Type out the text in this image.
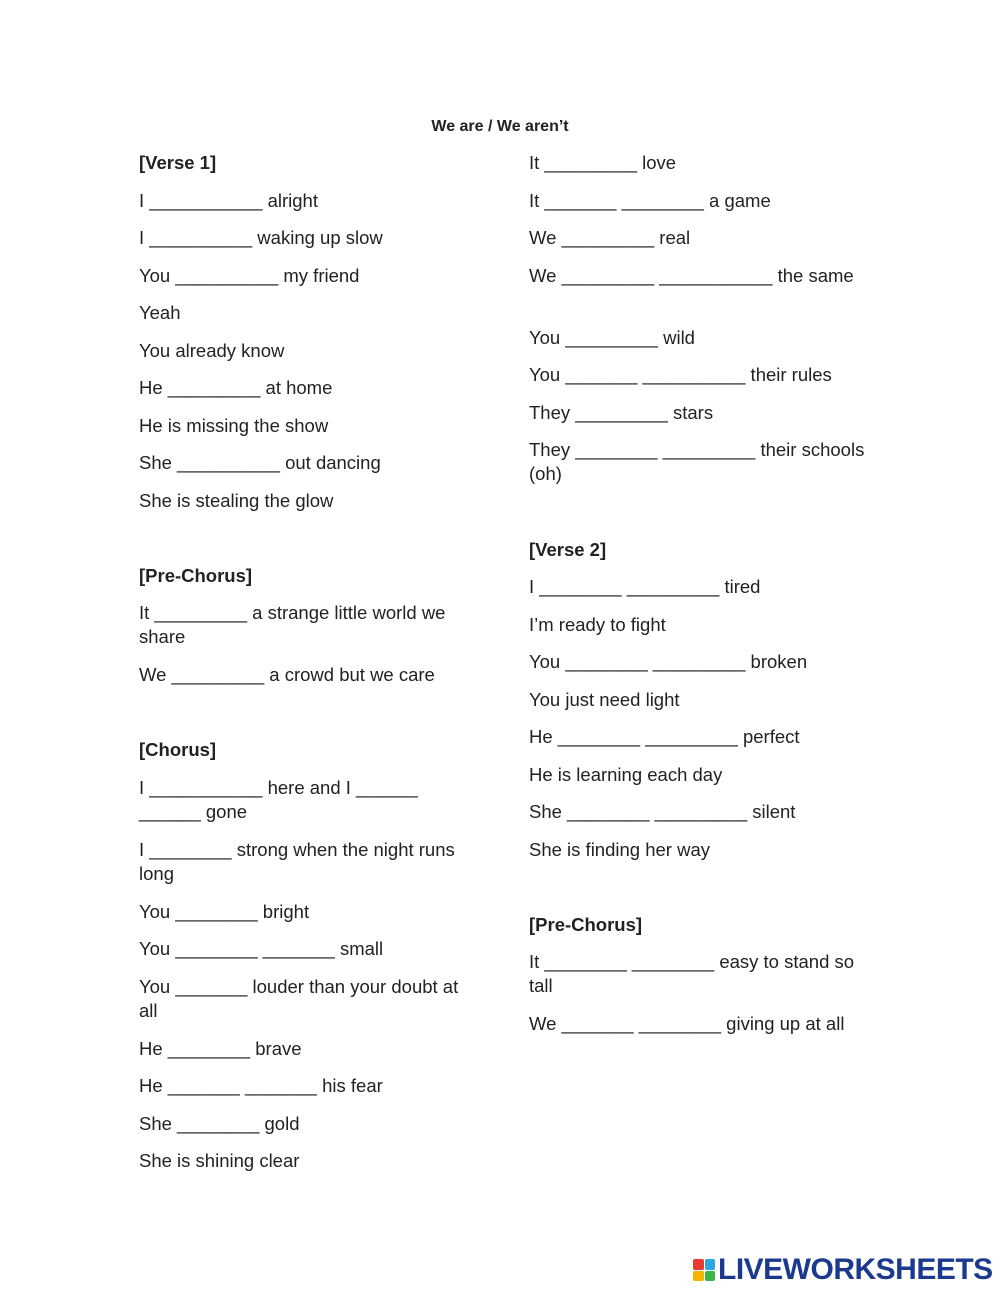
We are / We aren’t
[Verse 1]
I ___________ alright
I __________ waking up slow
You __________ my friend
Yeah
You already know
He _________ at home
He is missing the show
She __________ out dancing
She is stealing the glow
[Pre-Chorus]
It _________ a strange little world we share
We _________ a crowd but we care
[Chorus]
I ___________ here and I ______ ______ gone
I ________ strong when the night runs long
You ________ bright
You ________ _______ small
You _______ louder than your doubt at all
He ________ brave
He _______ _______ his fear
She ________ gold
She is shining clear
It _________ love
It _______ ________ a game
We _________ real
We _________ ___________ the same
You _________ wild
You _______ __________ their rules
They _________ stars
They ________ _________ their schools (oh)
[Verse 2]
I ________ _________ tired
I’m ready to fight
You ________ _________ broken
You just need light
He ________ _________ perfect
He is learning each day
She ________ _________ silent
She is finding her way
[Pre-Chorus]
It ________ ________ easy to stand so tall
We _______ ________ giving up at all
LIVEWORKSHEETS
